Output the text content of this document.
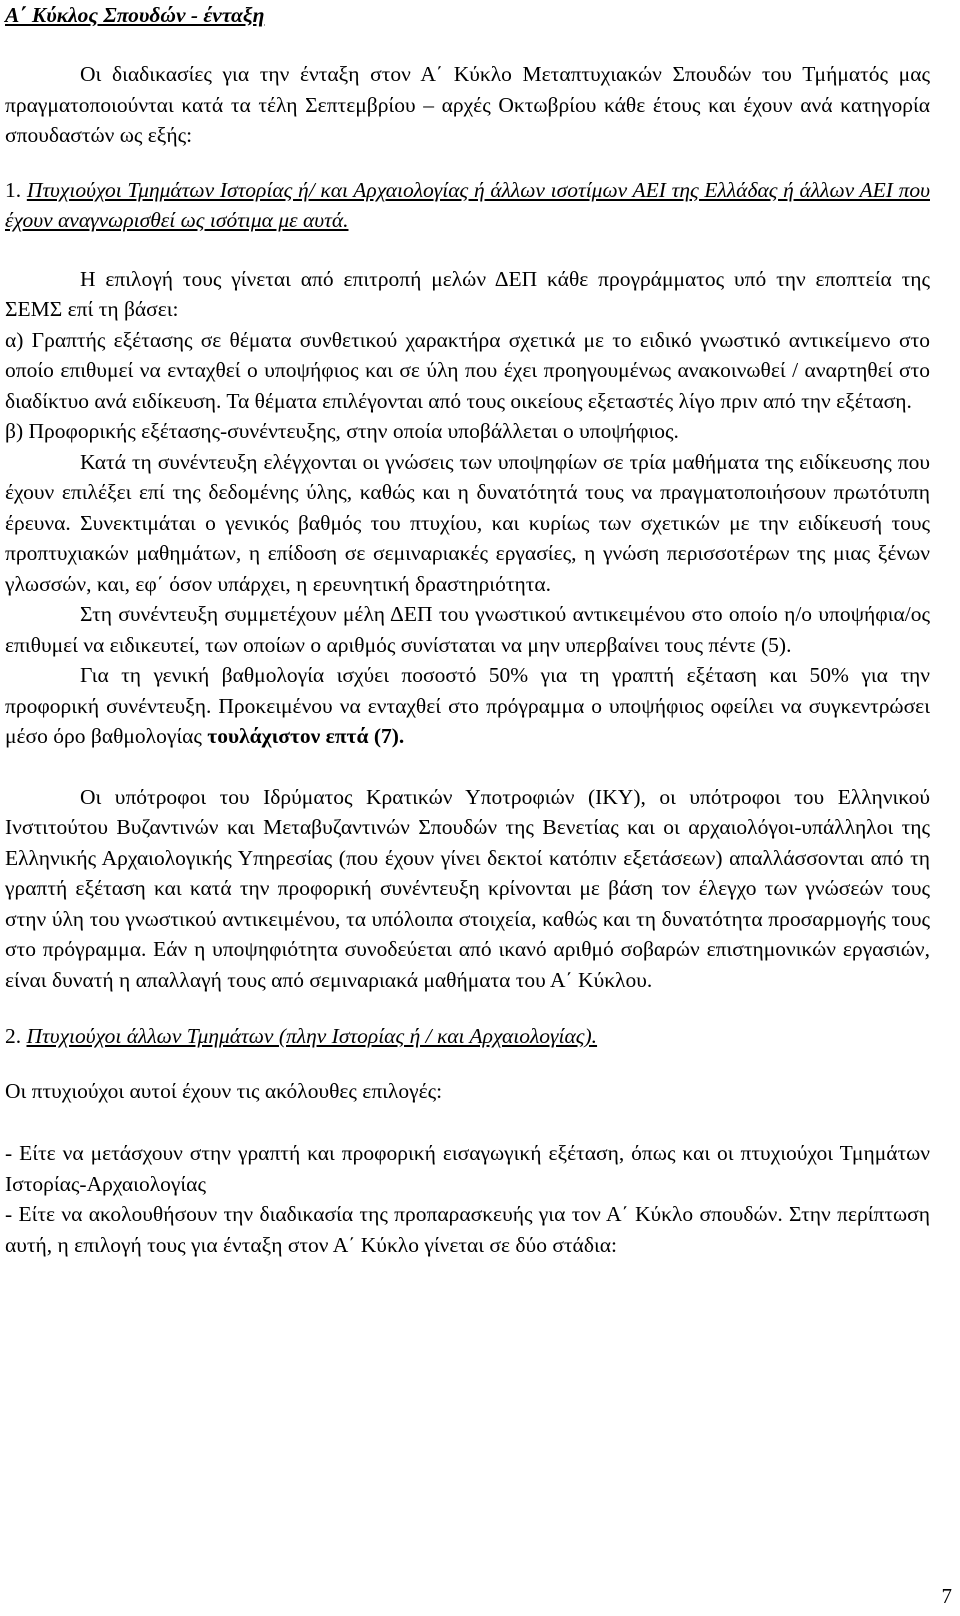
Α΄ Κύκλος Σπουδών - ένταξη

Οι διαδικασίες για την ένταξη στον Α΄ Κύκλο Μεταπτυχιακών Σπουδών του Τμήματός μας πραγματοποιούνται κατά τα τέλη Σεπτεμβρίου – αρχές Οκτωβρίου κάθε έτους και έχουν ανά κατηγορία σπουδαστών ως εξής:

1. Πτυχιούχοι Τμημάτων Ιστορίας ή/ και Αρχαιολογίας ή άλλων ισοτίμων ΑΕΙ της Ελλάδας ή άλλων ΑΕΙ που έχουν αναγνωρισθεί ως ισότιμα με αυτά.

Η επιλογή τους γίνεται από επιτροπή μελών ΔΕΠ κάθε προγράμματος υπό την εποπτεία της ΣΕΜΣ επί τη βάσει:

α) Γραπτής εξέτασης σε θέματα συνθετικού χαρακτήρα σχετικά με το ειδικό γνωστικό αντικείμενο στο οποίο επιθυμεί να ενταχθεί ο υποψήφιος και σε ύλη που έχει προηγουμένως ανακοινωθεί / αναρτηθεί στο διαδίκτυο ανά ειδίκευση. Τα θέματα επιλέγονται από τους οικείους εξεταστές λίγο πριν από την εξέταση.

β) Προφορικής εξέτασης-συνέντευξης, στην οποία υποβάλλεται ο υποψήφιος.

Κατά τη συνέντευξη ελέγχονται οι γνώσεις των υποψηφίων σε τρία μαθήματα της ειδίκευσης που έχουν επιλέξει επί της δεδομένης ύλης, καθώς και η δυνατότητά τους να πραγματοποιήσουν πρωτότυπη έρευνα. Συνεκτιμάται ο γενικός βαθμός του πτυχίου, και κυρίως των σχετικών με την ειδίκευσή τους προπτυχιακών μαθημάτων, η επίδοση σε σεμιναριακές εργασίες, η γνώση περισσοτέρων της μιας ξένων γλωσσών, και, εφ΄ όσον υπάρχει, η ερευνητική δραστηριότητα.

Στη συνέντευξη συμμετέχουν μέλη ΔΕΠ του γνωστικού αντικειμένου στο οποίο η/ο υποψήφια/ος επιθυμεί να ειδικευτεί, των οποίων ο αριθμός συνίσταται να μην υπερβαίνει τους πέντε (5).

Για τη γενική βαθμολογία ισχύει ποσοστό 50% για τη γραπτή εξέταση και 50% για την προφορική συνέντευξη. Προκειμένου να ενταχθεί στο πρόγραμμα ο υποψήφιος οφείλει να συγκεντρώσει μέσο όρο βαθμολογίας τουλάχιστον επτά (7).

Οι υπότροφοι του Ιδρύματος Κρατικών Υποτροφιών (ΙΚΥ), οι υπότροφοι του Ελληνικού Ινστιτούτου Βυζαντινών και Μεταβυζαντινών Σπουδών της Βενετίας και οι αρχαιολόγοι-υπάλληλοι της Ελληνικής Αρχαιολογικής Υπηρεσίας (που έχουν γίνει δεκτοί κατόπιν εξετάσεων) απαλλάσσονται από τη γραπτή εξέταση και κατά την προφορική συνέντευξη κρίνονται με βάση τον έλεγχο των γνώσεών τους στην ύλη του γνωστικού αντικειμένου, τα υπόλοιπα στοιχεία, καθώς και τη δυνατότητα προσαρμογής τους στο πρόγραμμα. Εάν η υποψηφιότητα συνοδεύεται από ικανό αριθμό σοβαρών επιστημονικών εργασιών, είναι δυνατή η απαλλαγή τους από σεμιναριακά μαθήματα του Α΄ Κύκλου.

2. Πτυχιούχοι άλλων Τμημάτων (πλην Ιστορίας ή / και Αρχαιολογίας).

Οι πτυχιούχοι αυτοί έχουν τις ακόλουθες επιλογές:

- Είτε να μετάσχουν στην γραπτή και προφορική εισαγωγική εξέταση, όπως και οι πτυχιούχοι Τμημάτων Ιστορίας-Αρχαιολογίας

- Είτε να ακολουθήσουν την διαδικασία της προπαρασκευής για τον Α΄ Κύκλο σπουδών. Στην περίπτωση αυτή, η επιλογή τους για ένταξη στον Α΄ Κύκλο γίνεται σε δύο στάδια:

7
